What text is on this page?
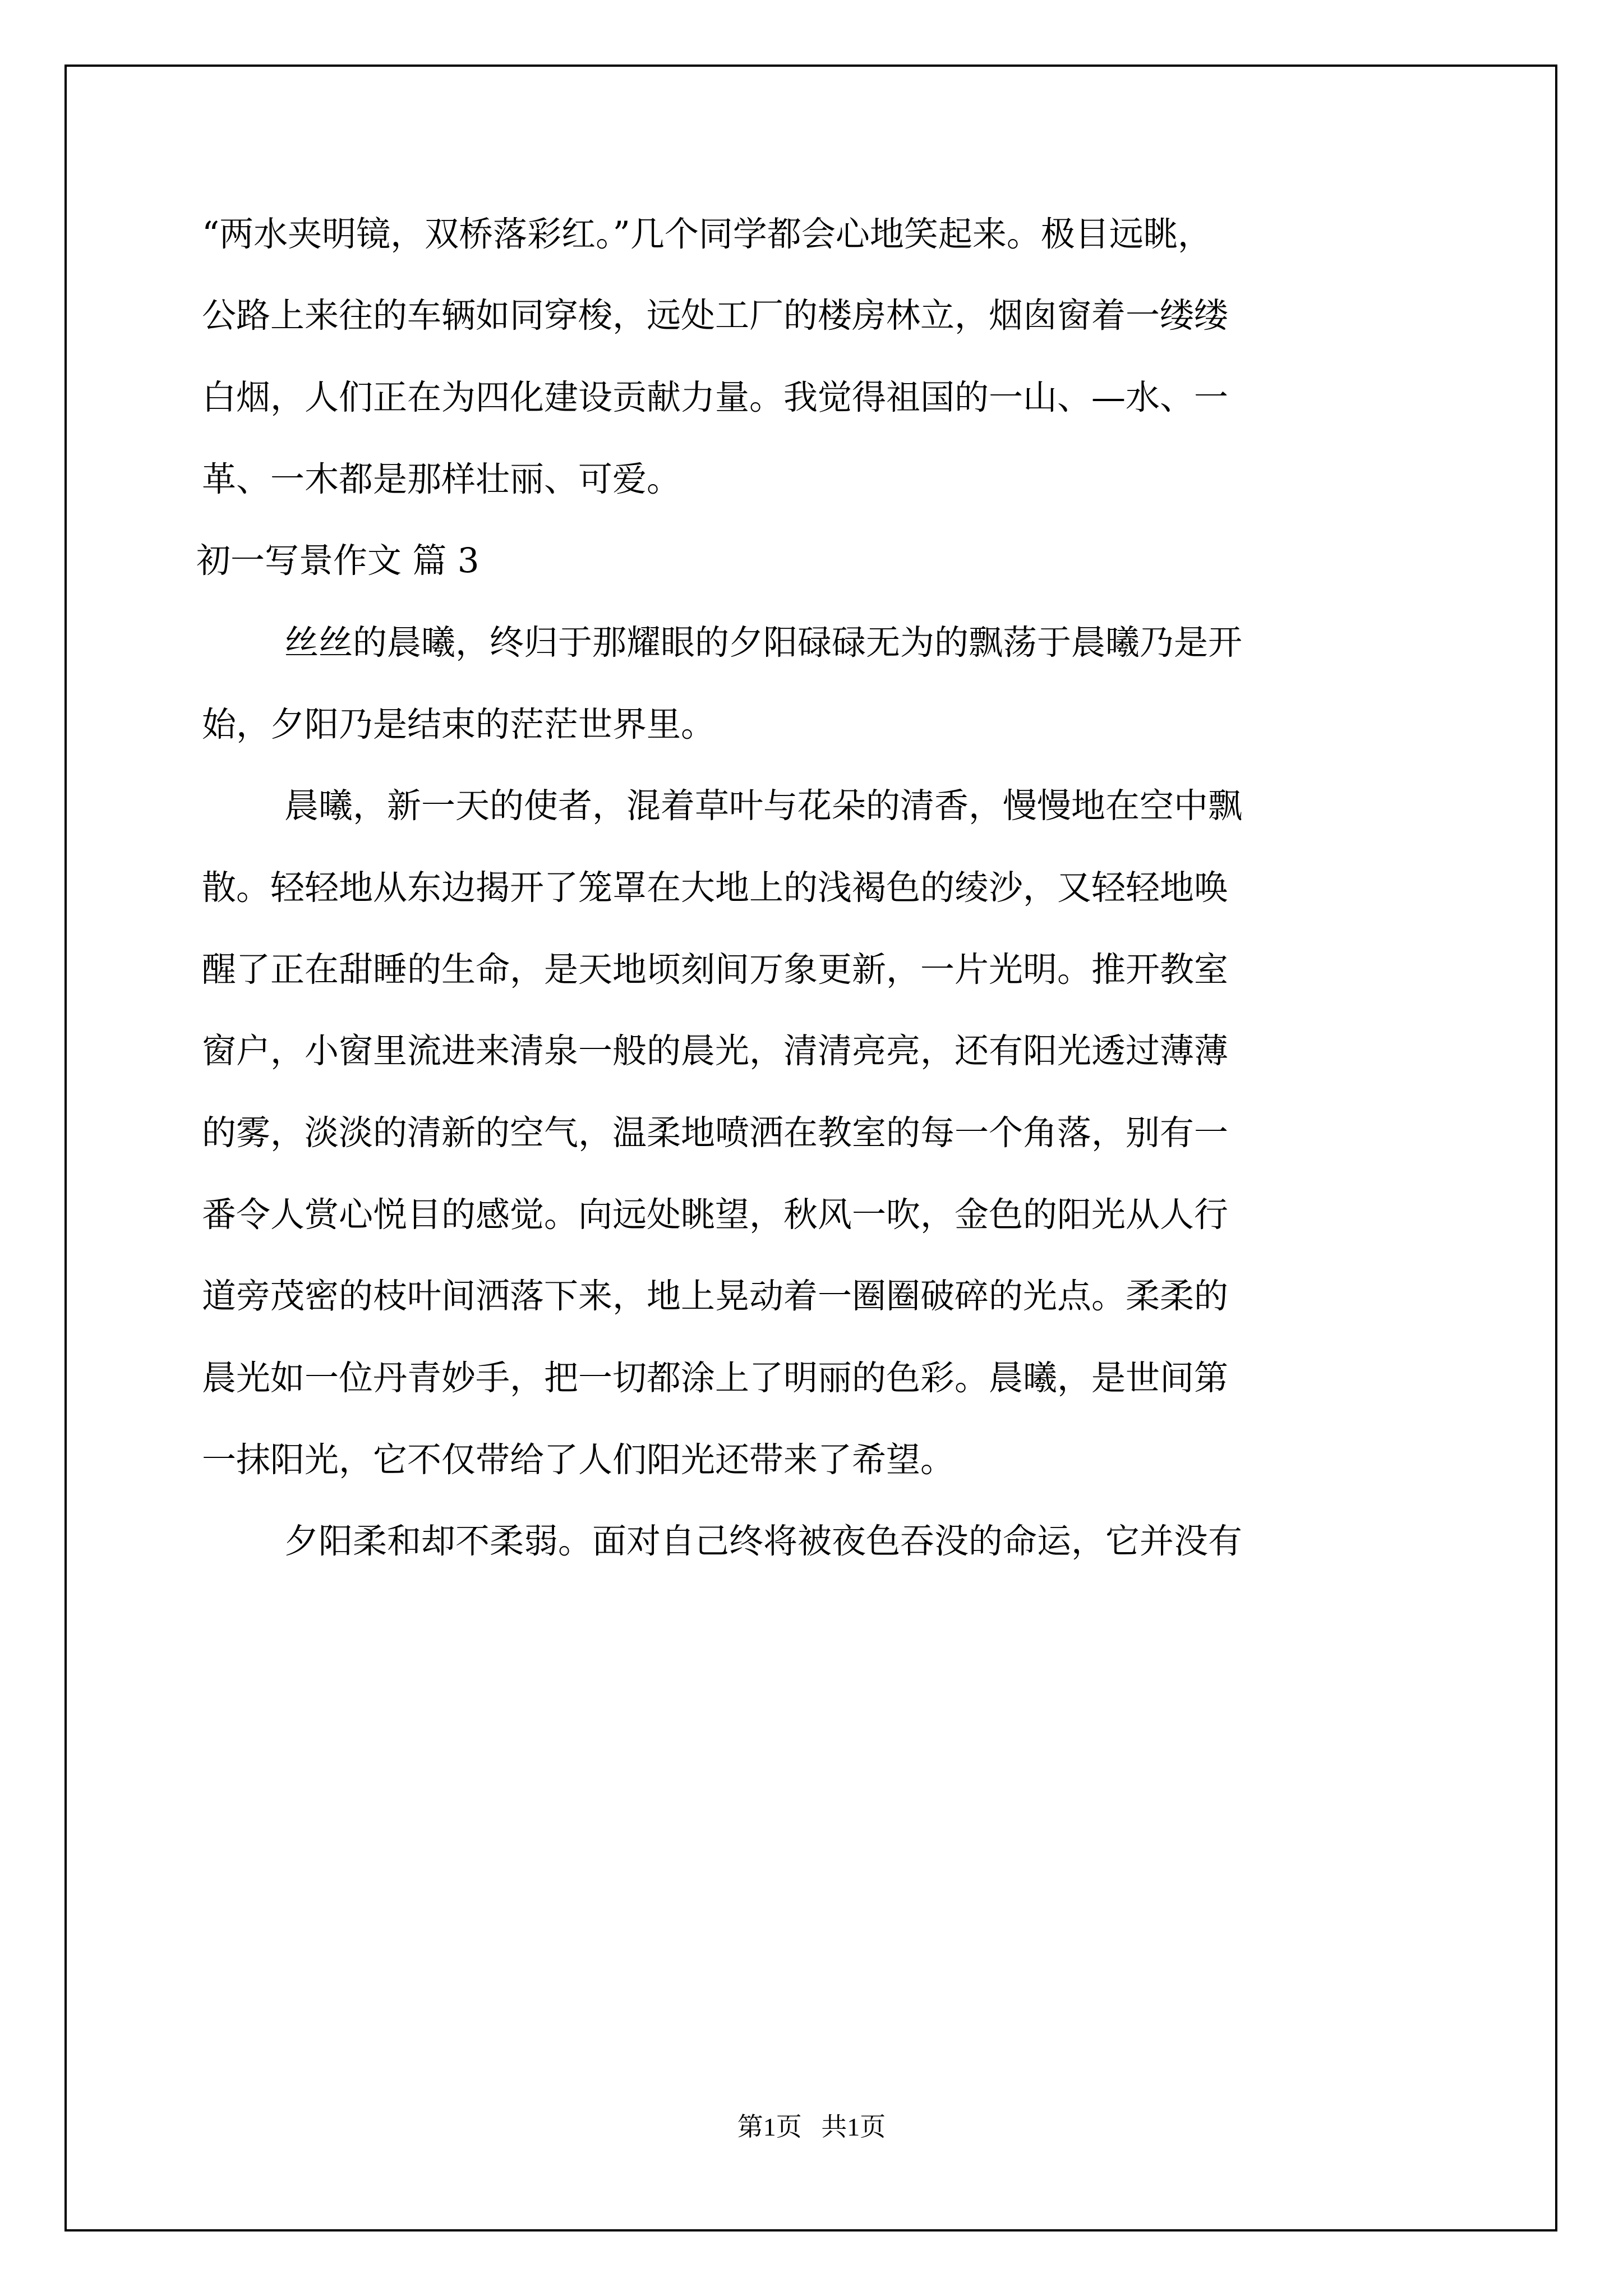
“两水夹明镜，双桥落彩红。”几个同学都会心地笑起来。极目远眺，

公路上来往的车辆如同穿梭，远处工厂的楼房林立，烟囱窗着一缕缕

白烟，人们正在为四化建设贡献力量。我觉得祖国的一山、—水、一

革、一木都是那样壮丽、可爱。

初一写景作文 篇 3

丝丝的晨曦，终归于那耀眼的夕阳碌碌无为的飘荡于晨曦乃是开

始，夕阳乃是结束的茫茫世界里。

晨曦，新一天的使者，混着草叶与花朵的清香，慢慢地在空中飘

散。轻轻地从东边揭开了笼罩在大地上的浅褐色的绫沙，又轻轻地唤

醒了正在甜睡的生命，是天地顷刻间万象更新，一片光明。推开教室

窗户，小窗里流进来清泉一般的晨光，清清亮亮，还有阳光透过薄薄

的雾，淡淡的清新的空气，温柔地喷洒在教室的每一个角落，别有一

番令人赏心悦目的感觉。向远处眺望，秋风一吹，金色的阳光从人行

道旁茂密的枝叶间洒落下来，地上晃动着一圈圈破碎的光点。柔柔的

晨光如一位丹青妙手，把一切都涂上了明丽的色彩。晨曦，是世间第

一抹阳光，它不仅带给了人们阳光还带来了希望。

夕阳柔和却不柔弱。面对自己终将被夜色吞没的命运，它并没有

第1页   共1页
